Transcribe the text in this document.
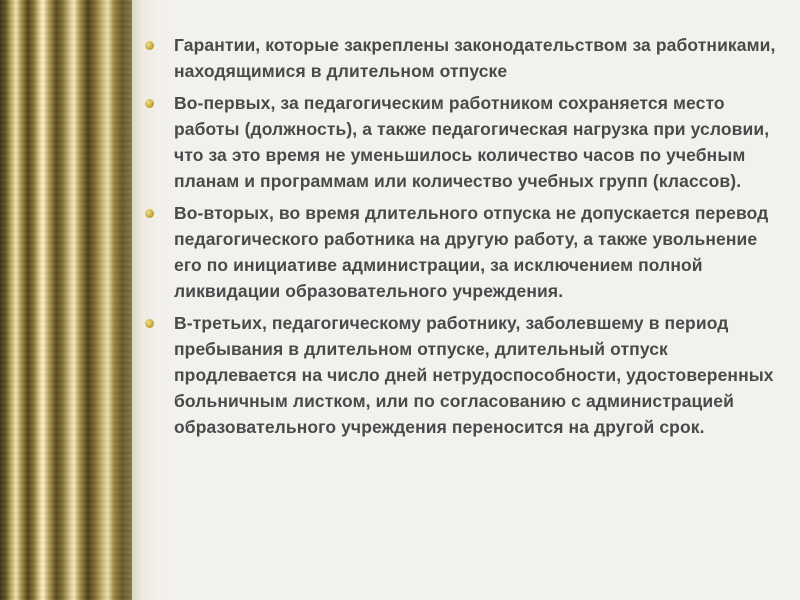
Гарантии, которые закреплены законодательством за работниками, находящимися в длительном отпуске
Во-первых, за педагогическим работником сохраняется место работы (должность), а также педагогическая нагрузка при условии, что за это время не уменьшилось количество часов по учебным планам и программам или количество учебных групп (классов).
Во-вторых, во время длительного отпуска не допускается перевод педагогического работника на другую работу, а также увольнение его по инициативе администрации, за исключением полной ликвидации образовательного учреждения.
В-третьих, педагогическому работнику, заболевшему в период пребывания в длительном отпуске, длительный отпуск продлевается на число дней нетрудоспособности, удостоверенных больничным листком, или по согласованию с администрацией образовательного учреждения переносится на другой срок.
